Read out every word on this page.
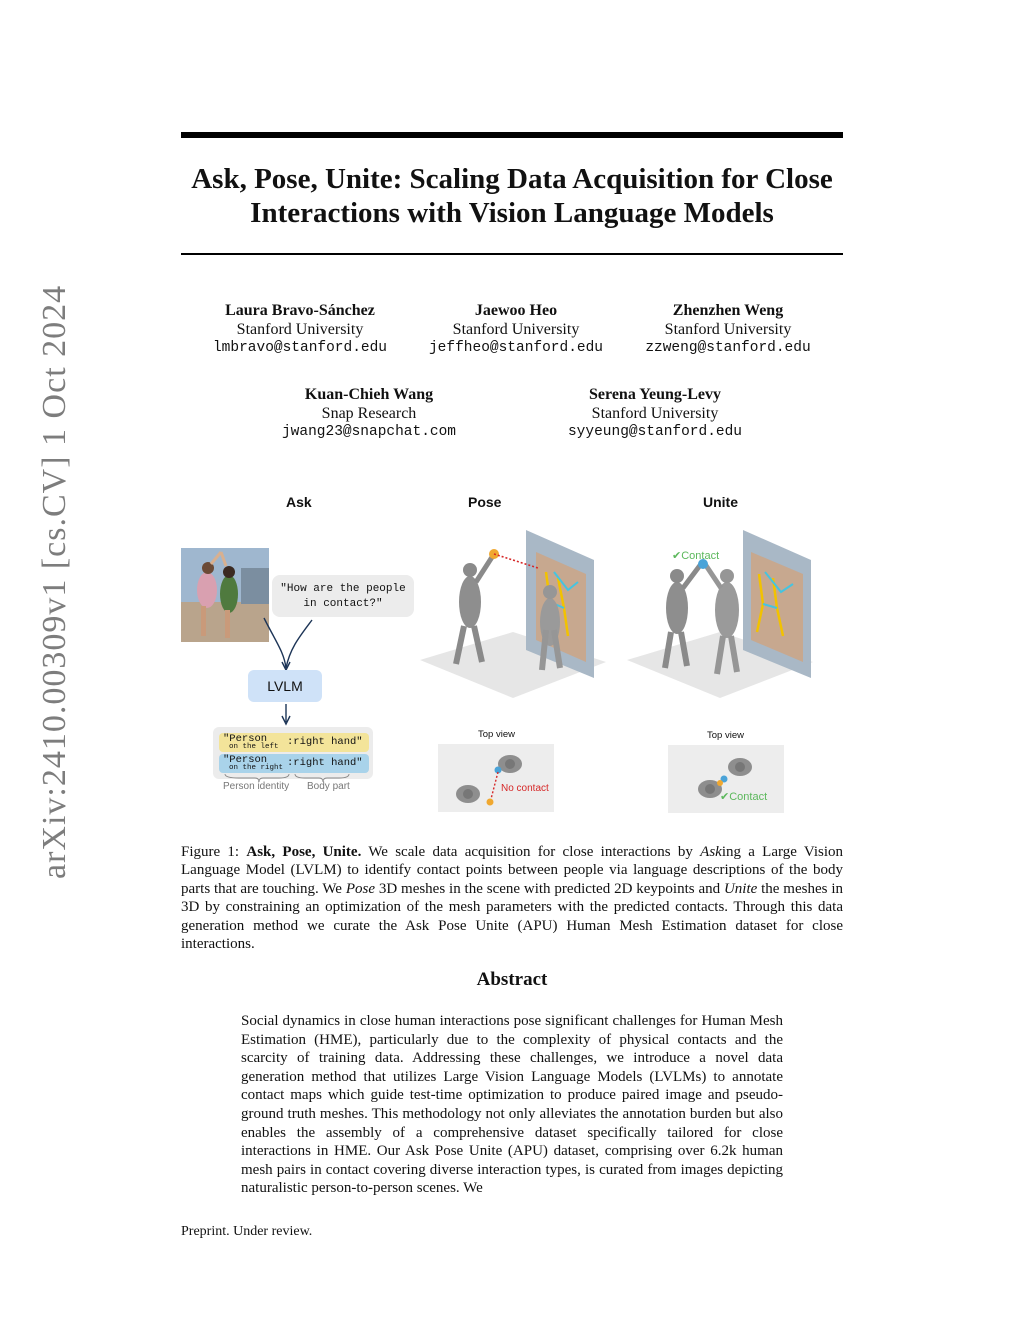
arXiv:2410.00309v1 [cs.CV] 1 Oct 2024
Ask, Pose, Unite: Scaling Data Acquisition for Close Interactions with Vision Language Models
Laura Bravo-Sánchez
Stanford University
lmbravo@stanford.edu
Jaewoo Heo
Stanford University
jeffheo@stanford.edu
Zhenzhen Weng
Stanford University
zzweng@stanford.edu
Kuan-Chieh Wang
Snap Research
jwang23@snapchat.com
Serena Yeung-Levy
Stanford University
syyeung@stanford.edu
Ask	Pose	Unite
"How are the people in contact?"
LVLM
"Person
on the left :right hand"
"Person
on the right :right hand"
Person identity Body part
✔Contact
Top view
No contact
Top view
✔Contact
Figure 1: Ask, Pose, Unite. We scale data acquisition for close interactions by Asking a Large Vision Language Model (LVLM) to identify contact points between people via language descriptions of the body parts that are touching. We Pose 3D meshes in the scene with predicted 2D keypoints and Unite the meshes in 3D by constraining an optimization of the mesh parameters with the predicted contacts. Through this data generation method we curate the Ask Pose Unite (APU) Human Mesh Estimation dataset for close interactions.
Abstract
Social dynamics in close human interactions pose significant challenges for Human Mesh Estimation (HME), particularly due to the complexity of physical contacts and the scarcity of training data. Addressing these challenges, we introduce a novel data generation method that utilizes Large Vision Language Models (LVLMs) to annotate contact maps which guide test-time optimization to produce paired image and pseudo-ground truth meshes. This methodology not only alleviates the annotation burden but also enables the assembly of a comprehensive dataset specifically tailored for close interactions in HME. Our Ask Pose Unite (APU) dataset, comprising over 6.2k human mesh pairs in contact covering diverse interaction types, is curated from images depicting naturalistic person-to-person scenes. We
Preprint. Under review.
